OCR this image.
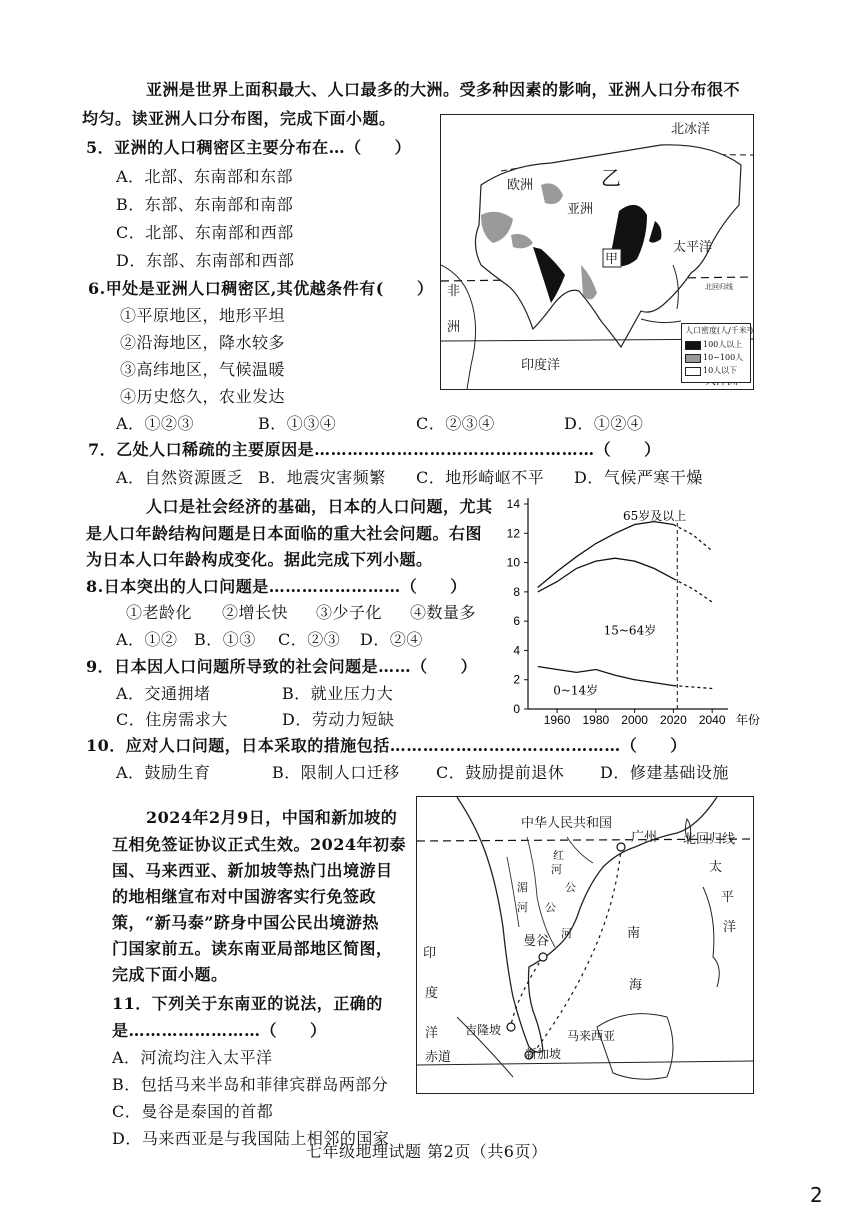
亚洲是世界上面积最大、人口最多的大洲。受多种因素的影响，亚洲人口分布很不
均匀。读亚洲人口分布图，完成下面小题。
5．亚洲的人口稠密区主要分布在…（　　）
A．北部、东南部和东部
B．东部、东南部和南部
C．北部、东南部和西部
D．东部、东南部和西部
6.甲处是亚洲人口稠密区,其优越条件有(　　）
①平原地区，地形平坦
②沿海地区，降水较多
③高纬地区，气候温暖
④历史悠久，农业发达
A．①②③	B．①③④	C．②③④	D．①②④
北冰洋
欧洲	乙
亚洲
太平洋
甲
北回归线
非
洲
印度洋
人口密度(人/千米²)
100人以上
10~100人
10人以下
7．乙处人口稀疏的主要原因是……………………………………………（　　）
A．自然资源匮乏 B．地震灾害频繁 C．地形崎岖不平 D．气候严寒干燥
人口是社会经济的基础，日本的人口问题，尤其
是人口年龄结构问题是日本面临的重大社会问题。右图
为日本人口年龄构成变化。据此完成下列小题。
8.日本突出的人口问题是……………………（　　）
①老龄化 ②增长快 ③少子化 ④数量多
A．①② B．①③ C．②③ D．②④
9．日本因人口问题所导致的社会问题是……（　　）
A．交通拥堵	B．就业压力大
C．住房需求大	D．劳动力短缺
0
2
4
6
8
10
12
14
1960 1980 2000 2020 2040 年份
65岁及以上
15~64岁
0~14岁
10．应对人口问题，日本采取的措施包括……………………………………（　　）
A．鼓励生育	B．限制人口迁移 C．鼓励提前退休 D．修建基础设施
2024年2月9日，中国和新加坡的
互相免签证协议正式生效。2024年初泰
国、马来西亚、新加坡等热门出境游目
的地相继宣布对中国游客实行免签政
策，“新马泰”跻身中国公民出境游热
门国家前五。读东南亚局部地区简图，
完成下面小题。
11．下列关于东南亚的说法，正确的
是……………………（　　）
A．河流均注入太平洋
B．包括马来半岛和菲律宾群岛两部分
C．曼谷是泰国的首都
D．马来西亚是与我国陆上相邻的国家
中华人民共和国
广州 北回归线
太
平
洋
南
海
红
河
湄	公
河 公
河
曼谷
印
度
洋 吉隆坡	马来西亚
新加坡
赤道
七年级地理试题 第2页（共6页）
2
